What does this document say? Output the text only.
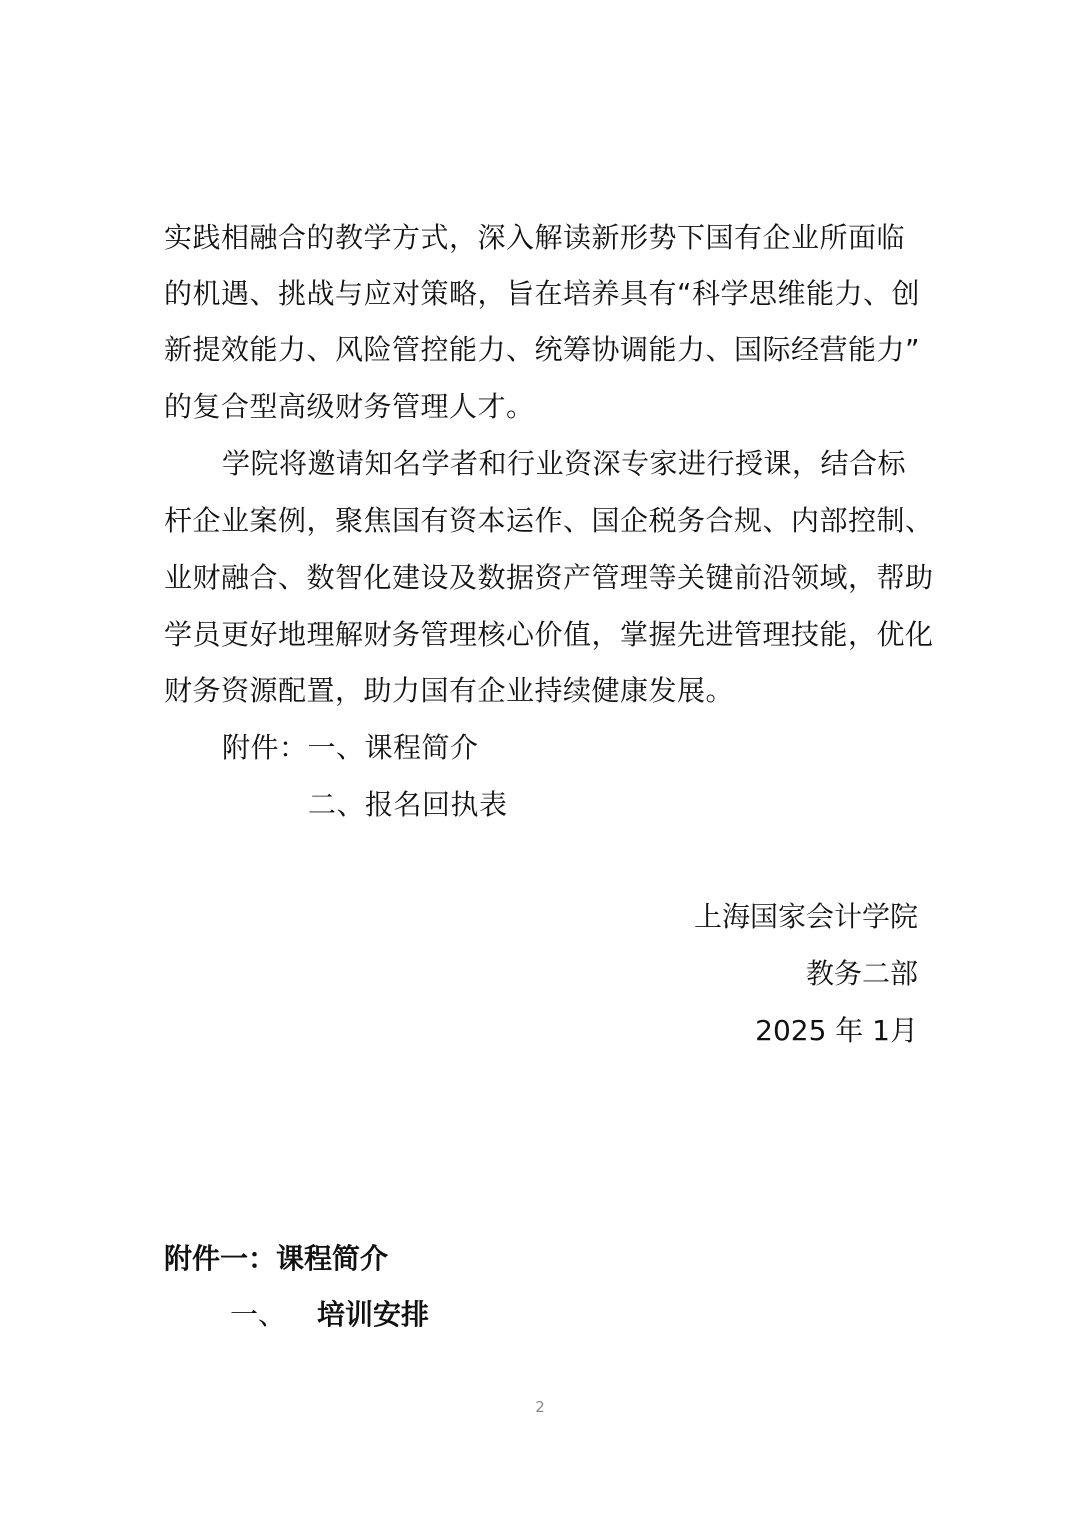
实践相融合的教学方式，深入解读新形势下国有企业所面临
的机遇、挑战与应对策略，旨在培养具有“科学思维能力、创
新提效能力、风险管控能力、统筹协调能力、国际经营能力”
的复合型高级财务管理人才。
学院将邀请知名学者和行业资深专家进行授课，结合标
杆企业案例，聚焦国有资本运作、国企税务合规、内部控制、
业财融合、数智化建设及数据资产管理等关键前沿领域，帮助
学员更好地理解财务管理核心价值，掌握先进管理技能，优化
财务资源配置，助力国有企业持续健康发展。
附件：一、课程简介
二、报名回执表
上海国家会计学院
教务二部
2025 年 1月
附件一：课程简介
一、 培训安排
2
